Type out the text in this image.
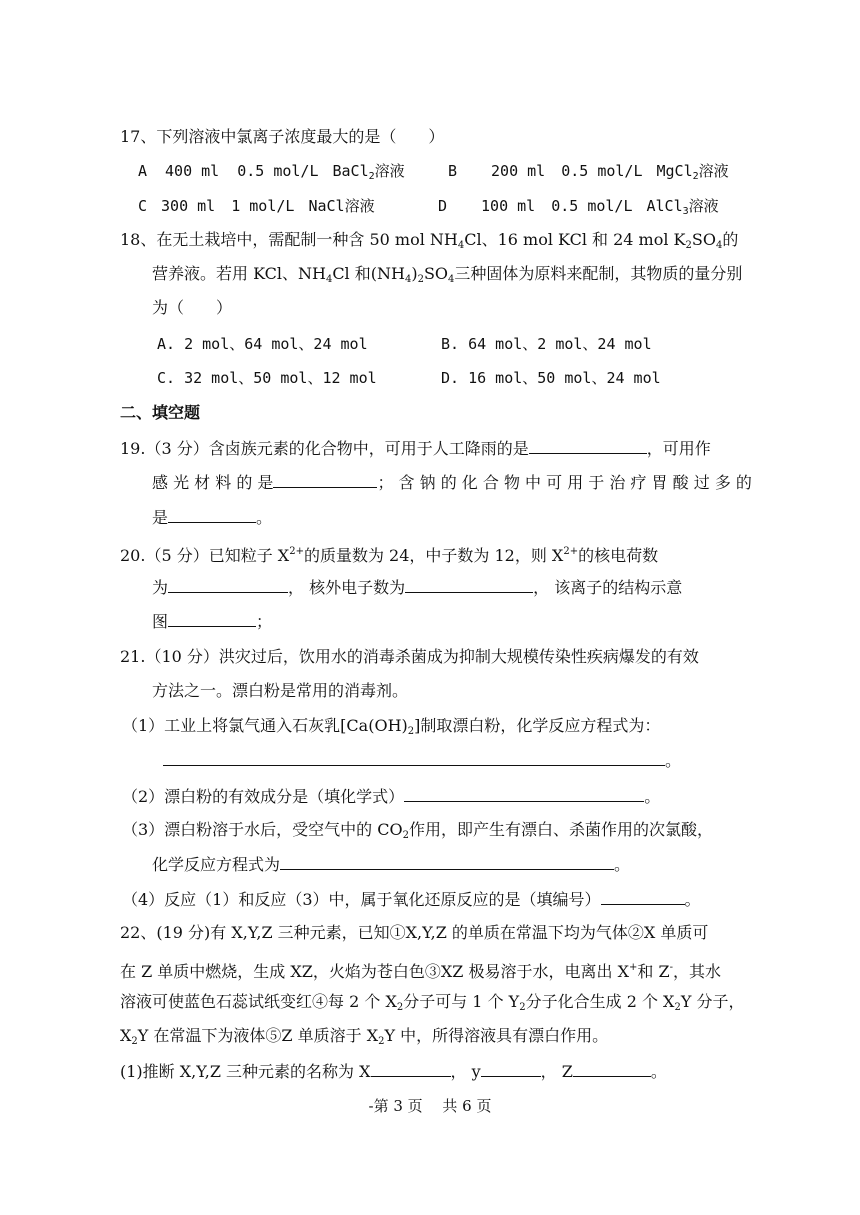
17、下列溶液中氯离子浓度最大的是（　　）
A 400 ml 0.5 mol/L BaCl$_2$溶液	B 200 ml 0.5 mol/L MgCl$_2$溶液
C 300 ml 1 mol/L NaCl溶液	D 100 ml 0.5 mol/L AlCl$_3$溶液
18、在无土栽培中，需配制一种含 50 mol $NH_4Cl$、16 mol KCl 和 24 mol $K_2SO_4$的
营养液。若用 KCl、$NH_4Cl$ 和$(NH_4)_2SO_4$三种固体为原料来配制，其物质的量分别
为（　　）
A. 2 mol、64 mol、24 mol	B. 64 mol、2 mol、24 mol
C. 32 mol、50 mol、12 mol	D. 16 mol、50 mol、24 mol
二、填空题
19.（3 分）含卤族元素的化合物中，可用于人工降雨的是	，可用作
感 光 材 料 的 是	； 含 钠 的 化 合 物 中 可 用 于 治 疗 胃 酸 过 多 的
是	。
20.（5 分）已知粒子 $X^{2+}$的质量数为 24，中子数为 12，则 $X^{2+}$的核电荷数
为	， 核外电子数为	， 该离子的结构示意
图	；
21.（10 分）洪灾过后，饮用水的消毒杀菌成为抑制大规模传染性疾病爆发的有效
方法之一。漂白粉是常用的消毒剂。
（1）工业上将氯气通入石灰乳$[Ca(OH)_2]$制取漂白粉，化学反应方程式为：
。
（2）漂白粉的有效成分是（填化学式）	。
（3）漂白粉溶于水后，受空气中的 $CO_2$作用，即产生有漂白、杀菌作用的次氯酸，
化学反应方程式为	。
（4）反应（1）和反应（3）中，属于氧化还原反应的是（填编号）	。
22、(19 分)有 X,Y,Z 三种元素，已知①X,Y,Z 的单质在常温下均为气体②X 单质可
在 Z 单质中燃烧，生成 XZ，火焰为苍白色③XZ 极易溶于水，电离出 X+和 Z-，其水
溶液可使蓝色石蕊试纸变红④每 2 个 $X_2$分子可与 1 个 $Y_2$分子化合生成 2 个 $X_2Y$ 分子，
$X_2Y$ 在常温下为液体⑤Z 单质溶于 $X_2Y$ 中，所得溶液具有漂白作用。
(1)推断 X,Y,Z 三种元素的名称为 X	， y	， Z	。
-第 3 页　 共 6 页
